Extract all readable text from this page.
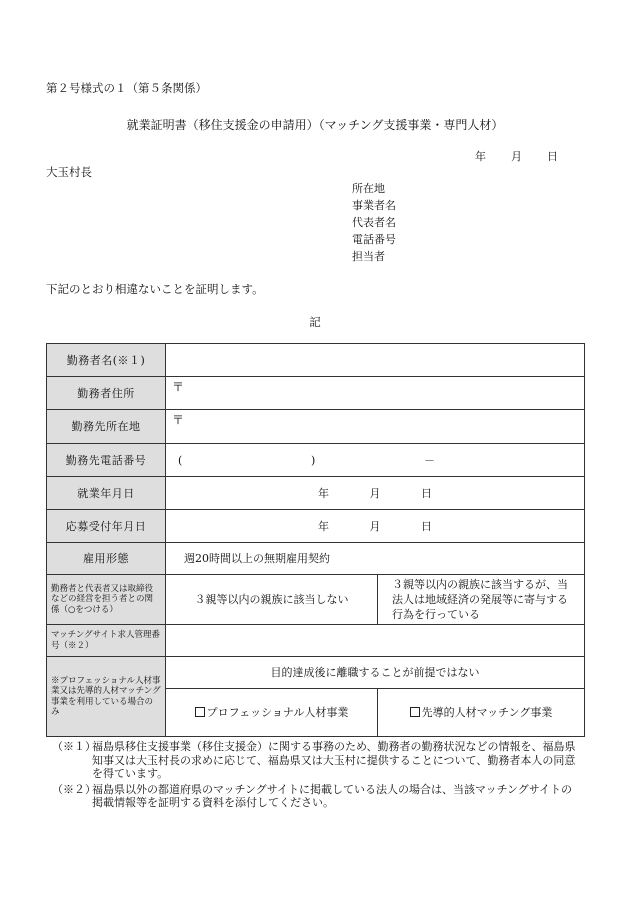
第２号様式の１（第５条関係）
就業証明書（移住支援金の申請用）（マッチング支援事業・専門人材）
年 月 日
大玉村長
所在地
事業者名
代表者名
電話番号
担当者
下記のとおり相違ないことを証明します。
記
勤務者名(※１)		
勤務者住所	〒	
勤務先所在地	〒	
勤務先電話番号	( ) －	

就業年月日	年 月 日	

応募受付年月日	年 月 日	

雇用形態	週20時間以上の無期雇用契約	
勤務者と代表者又は取締役などの経営を担う者との関係（○をつける）	３親等以内の親族に該当しない	３親等以内の親族に該当するが、当法人は地域経済の発展等に寄与する行為を行っている
マッチングサイト求人管理番号（※２）		
※プロフェッショナル人材事業又は先導的人材マッチング事業を利用している場合のみ	目的達成後に離職することが前提ではない	
	プロフェッショナル人材事業	先導的人材マッチング事業
（※１）
福島県移住支援事業（移住支援金）に関する事務のため、勤務者の勤務状況などの情報を、福島県知事又は大玉村長の求めに応じて、福島県又は大玉村に提供することについて、勤務者本人の同意を得ています。
（※２）
福島県以外の都道府県のマッチングサイトに掲載している法人の場合は、当該マッチングサイトの掲載情報等を証明する資料を添付してください。
